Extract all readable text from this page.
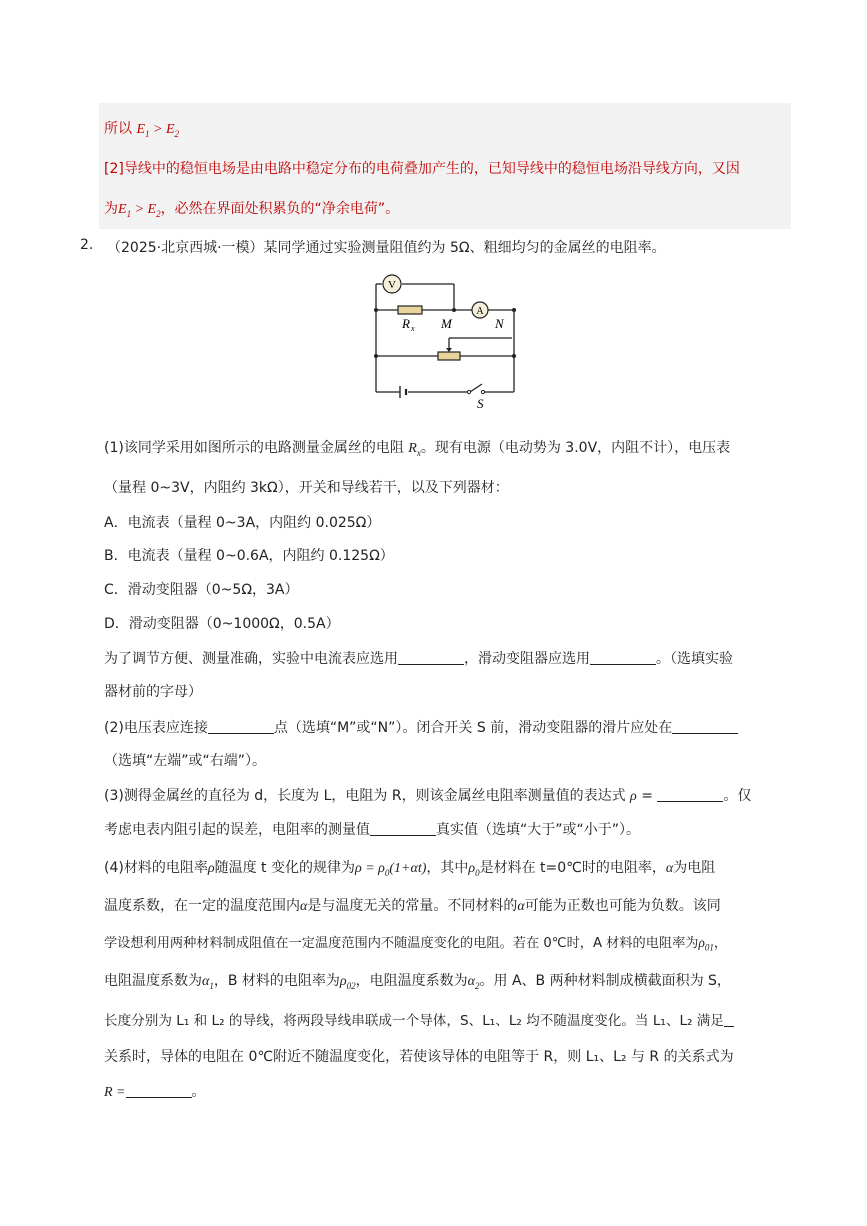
所以 $E_1 > E_2$
[2]导线中的稳恒电场是由电路中稳定分布的电荷叠加产生的，已知导线中的稳恒电场沿导线方向，又因
为$E_1 > E_2$，必然在界面处积累负的“净余电荷”。
2. （2025·北京西城·一模）某同学通过实验测量阻值约为 5Ω、粗细均匀的金属丝的电阻率。
V
A
R x M	N
S
(1)该同学采用如图所示的电路测量金属丝的电阻 $R_x$。现有电源（电动势为 3.0V，内阻不计），电压表
（量程 0~3V，内阻约 3kΩ），开关和导线若干，以及下列器材：
A．电流表（量程 0~3A，内阻约 0.025Ω）
B．电流表（量程 0~0.6A，内阻约 0.125Ω）
C．滑动变阻器（0~5Ω，3A）
D．滑动变阻器（0~1000Ω，0.5A）
为了调节方便、测量准确，实验中电流表应选用	，滑动变阻器应选用	。（选填实验
器材前的字母）
(2)电压表应连接	点（选填“M”或“N”）。闭合开关 S 前，滑动变阻器的滑片应处在
（选填“左端”或“右端”）。
(3)测得金属丝的直径为 d，长度为 L，电阻为 R，则该金属丝电阻率测量值的表达式 ρ =	。仅
考虑电表内阻引起的误差，电阻率的测量值	真实值（选填“大于”或“小于”）。
(4)材料的电阻率ρ随温度 t 变化的规律为$\rho = \rho_0(1+\alpha t)$，其中$\rho_0$是材料在 t=0℃时的电阻率，α为电阻
温度系数，在一定的温度范围内α是与温度无关的常量。不同材料的α可能为正数也可能为负数。该同
学设想利用两种材料制成阻值在一定温度范围内不随温度变化的电阻。若在 0℃时，A 材料的电阻率为$\rho_{01}$，
电阻温度系数为$\alpha_1$，B 材料的电阻率为$\rho_{02}$，电阻温度系数为$\alpha_2$。用 A、B 两种材料制成横截面积为 S，
长度分别为 L₁ 和 L₂ 的导线，将两段导线串联成一个导体，S、L₁、L₂ 均不随温度变化。当 L₁、L₂ 满足
关系时，导体的电阻在 0℃附近不随温度变化，若使该导体的电阻等于 R，则 L₁、L₂ 与 R 的关系式为
R =	。
